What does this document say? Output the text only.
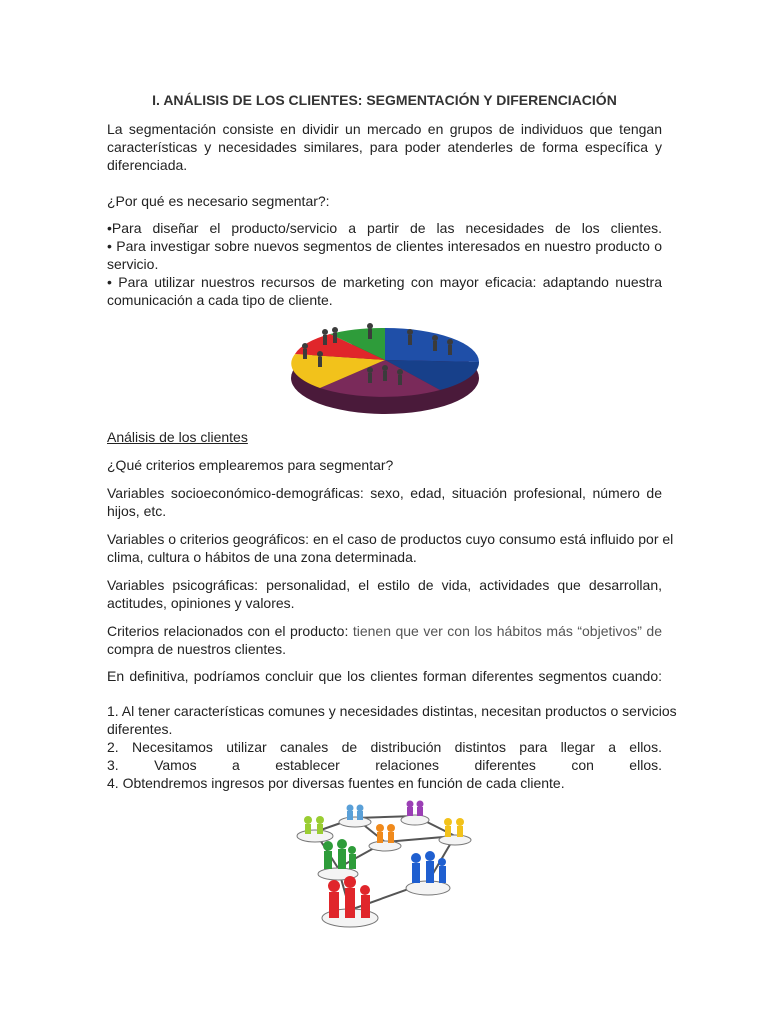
I. ANÁLISIS DE LOS CLIENTES: SEGMENTACIÓN Y DIFERENCIACIÓN

La segmentación consiste en dividir un mercado en grupos de individuos que tengan
características y necesidades similares, para poder atenderles de forma específica y
diferenciada.

¿Por qué es necesario segmentar?:

•Para diseñar el producto/servicio a partir de las necesidades de los clientes.
• Para investigar sobre nuevos segmentos de clientes interesados en nuestro producto o
servicio.
• Para utilizar nuestros recursos de marketing con mayor eficacia: adaptando nuestra
comunicación a cada tipo de cliente.

Análisis de los clientes

¿Qué criterios emplearemos para segmentar?

Variables socioeconómico-demográficas: sexo, edad, situación profesional, número de
hijos, etc.

Variables o criterios geográficos: en el caso de productos cuyo consumo está influido por el
clima, cultura o hábitos de una zona determinada.

Variables psicográficas: personalidad, el estilo de vida, actividades que desarrollan,
actitudes, opiniones y valores.

Criterios relacionados con el producto: tienen que ver con los hábitos más “objetivos” de
compra de nuestros clientes.

En definitiva, podríamos concluir que los clientes forman diferentes segmentos cuando:

1. Al tener características comunes y necesidades distintas, necesitan productos o servicios
diferentes.
2. Necesitamos utilizar canales de distribución distintos para llegar a ellos.
3. Vamos a establecer relaciones diferentes con ellos.
4. Obtendremos ingresos por diversas fuentes en función de cada cliente.
